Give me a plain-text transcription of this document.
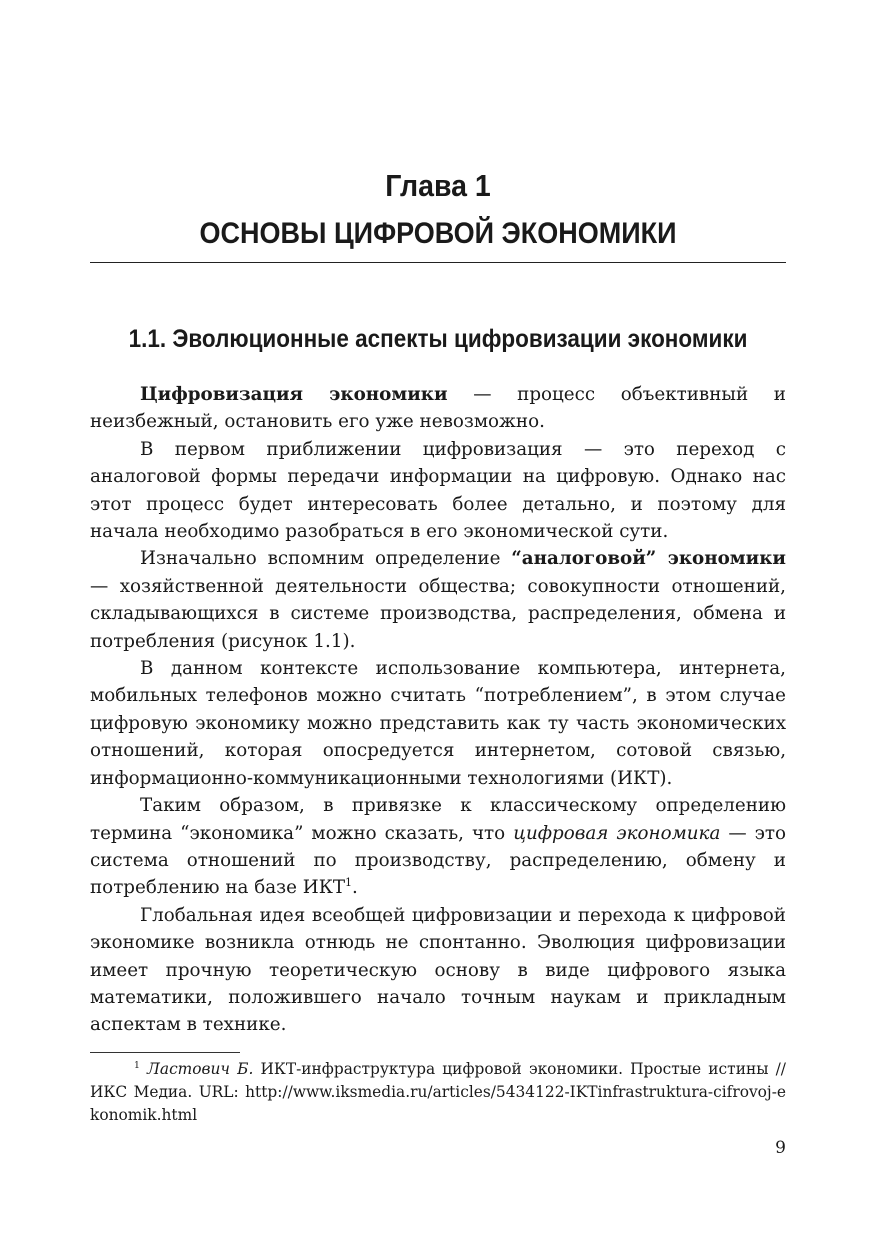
Глава 1
ОСНОВЫ ЦИФРОВОЙ ЭКОНОМИКИ
1.1. Эволюционные аспекты цифровизации экономики

Цифровизация экономики — процесс объективный и неизбежный, остановить его уже невозможно.

В первом приближении цифровизация — это переход с аналоговой формы передачи информации на цифровую. Однако нас этот процесс будет интересовать более детально, и поэтому для начала необходимо разобраться в его экономической сути.

Изначально вспомним определение “аналоговой” экономики — хозяйственной деятельности общества; совокупности отношений, складывающихся в системе производства, распределения, обмена и потребления (рисунок 1.1).

В данном контексте использование компьютера, интернета, мобильных телефонов можно считать “потреблением”, в этом случае цифровую экономику можно представить как ту часть экономических отношений, которая опосредуется интернетом, сотовой связью, информационно-коммуникационными технологиями (ИКТ).

Таким образом, в привязке к классическому определению термина “экономика” можно сказать, что цифровая экономика — это система отношений по производству, распределению, обмену и потреблению на базе ИКТ$^1$.

Глобальная идея всеобщей цифровизации и перехода к цифровой экономике возникла отнюдь не спонтанно. Эволюция цифровизации имеет прочную теоретическую основу в виде цифрового языка математики, положившего начало точным наукам и прикладным аспектам в технике.

$^1$ Ластович Б. ИКТ-инфраструктура цифровой экономики. Простые истины // ИКС Медиа. URL: http://www.iksmedia.ru/articles/5434122-IKTinfrastruktura-cifrovoj-ekonomik.html
9
